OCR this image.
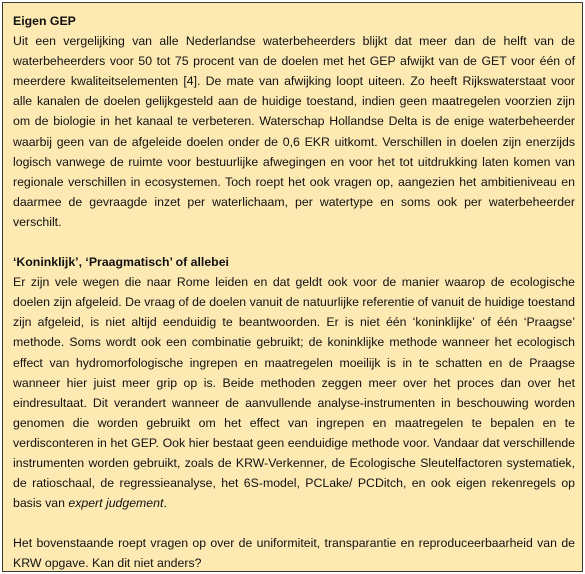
Eigen GEP

Uit een vergelijking van alle Nederlandse waterbeheerders blijkt dat meer dan de helft van de waterbeheerders voor 50 tot 75 procent van de doelen met het GEP afwijkt van de GET voor één of meerdere kwaliteitselementen [4]. De mate van afwijking loopt uiteen. Zo heeft Rijkswaterstaat voor alle kanalen de doelen gelijkgesteld aan de huidige toestand, indien geen maatregelen voorzien zijn om de biologie in het kanaal te verbeteren. Waterschap Hollandse Delta is de enige waterbeheerder waarbij geen van de afgeleide doelen onder de 0,6 EKR uitkomt. Verschillen in doelen zijn enerzijds logisch vanwege de ruimte voor bestuurlijke afwegingen en voor het tot uitdrukking laten komen van regionale verschillen in ecosystemen. Toch roept het ook vragen op, aangezien het ambitieniveau en daarmee de gevraagde inzet per waterlichaam, per watertype en soms ook per waterbeheerder verschilt.

‘Koninklijk’, ‘Praagmatisch’ of allebei

Er zijn vele wegen die naar Rome leiden en dat geldt ook voor de manier waarop de ecologische doelen zijn afgeleid. De vraag of de doelen vanuit de natuurlijke referentie of vanuit de huidige toestand zijn afgeleid, is niet altijd eenduidig te beantwoorden. Er is niet één ‘koninklijke’ of één ‘Praagse’ methode. Soms wordt ook een combinatie gebruikt; de koninklijke methode wanneer het ecologisch effect van hydromorfologische ingrepen en maatregelen moeilijk is in te schatten en de Praagse wanneer hier juist meer grip op is. Beide methoden zeggen meer over het proces dan over het eindresultaat. Dit verandert wanneer de aanvullende analyse-instrumenten in beschouwing worden genomen die worden gebruikt om het effect van ingrepen en maatregelen te bepalen en te verdisconteren in het GEP. Ook hier bestaat geen eenduidige methode voor. Vandaar dat verschillende instrumenten worden gebruikt, zoals de KRW-Verkenner, de Ecologische Sleutelfactoren systematiek, de ratioschaal, de regressieanalyse, het 6S-model, PCLake/ PCDitch, en ook eigen rekenregels op basis van expert judgement.

Het bovenstaande roept vragen op over de uniformiteit, transparantie en reproduceerbaarheid van de KRW opgave. Kan dit niet anders?
